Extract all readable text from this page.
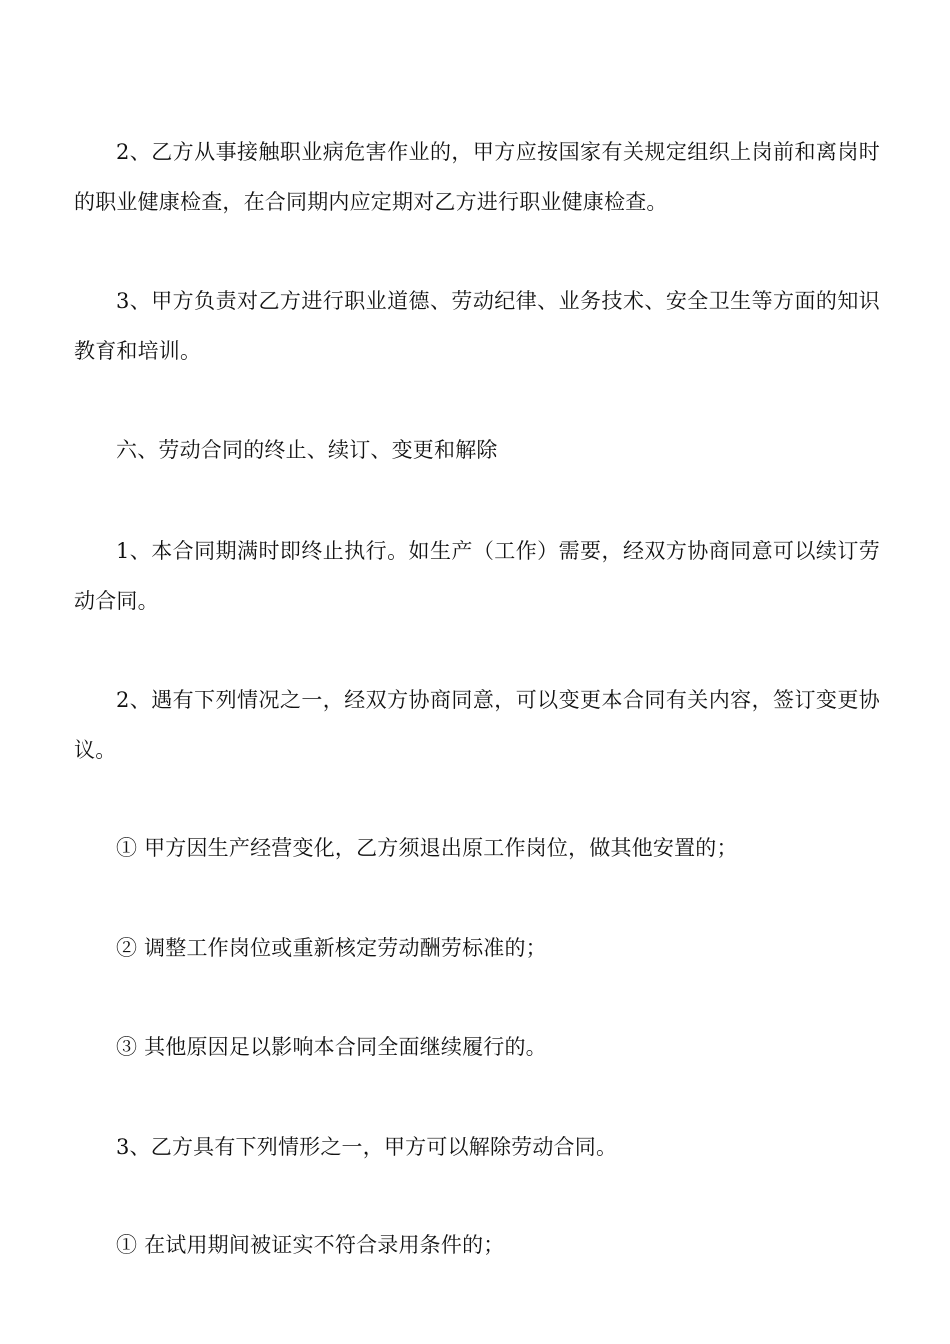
2、乙方从事接触职业病危害作业的，甲方应按国家有关规定组织上岗前和离岗时的职业健康检查，在合同期内应定期对乙方进行职业健康检查。

3、甲方负责对乙方进行职业道德、劳动纪律、业务技术、安全卫生等方面的知识教育和培训。

六、劳动合同的终止、续订、变更和解除

1、本合同期满时即终止执行。如生产（工作）需要，经双方协商同意可以续订劳动合同。

2、遇有下列情况之一，经双方协商同意，可以变更本合同有关内容，签订变更协议。

① 甲方因生产经营变化，乙方须退出原工作岗位，做其他安置的；

② 调整工作岗位或重新核定劳动酬劳标准的；

③ 其他原因足以影响本合同全面继续履行的。

3、乙方具有下列情形之一，甲方可以解除劳动合同。

① 在试用期间被证实不符合录用条件的；
